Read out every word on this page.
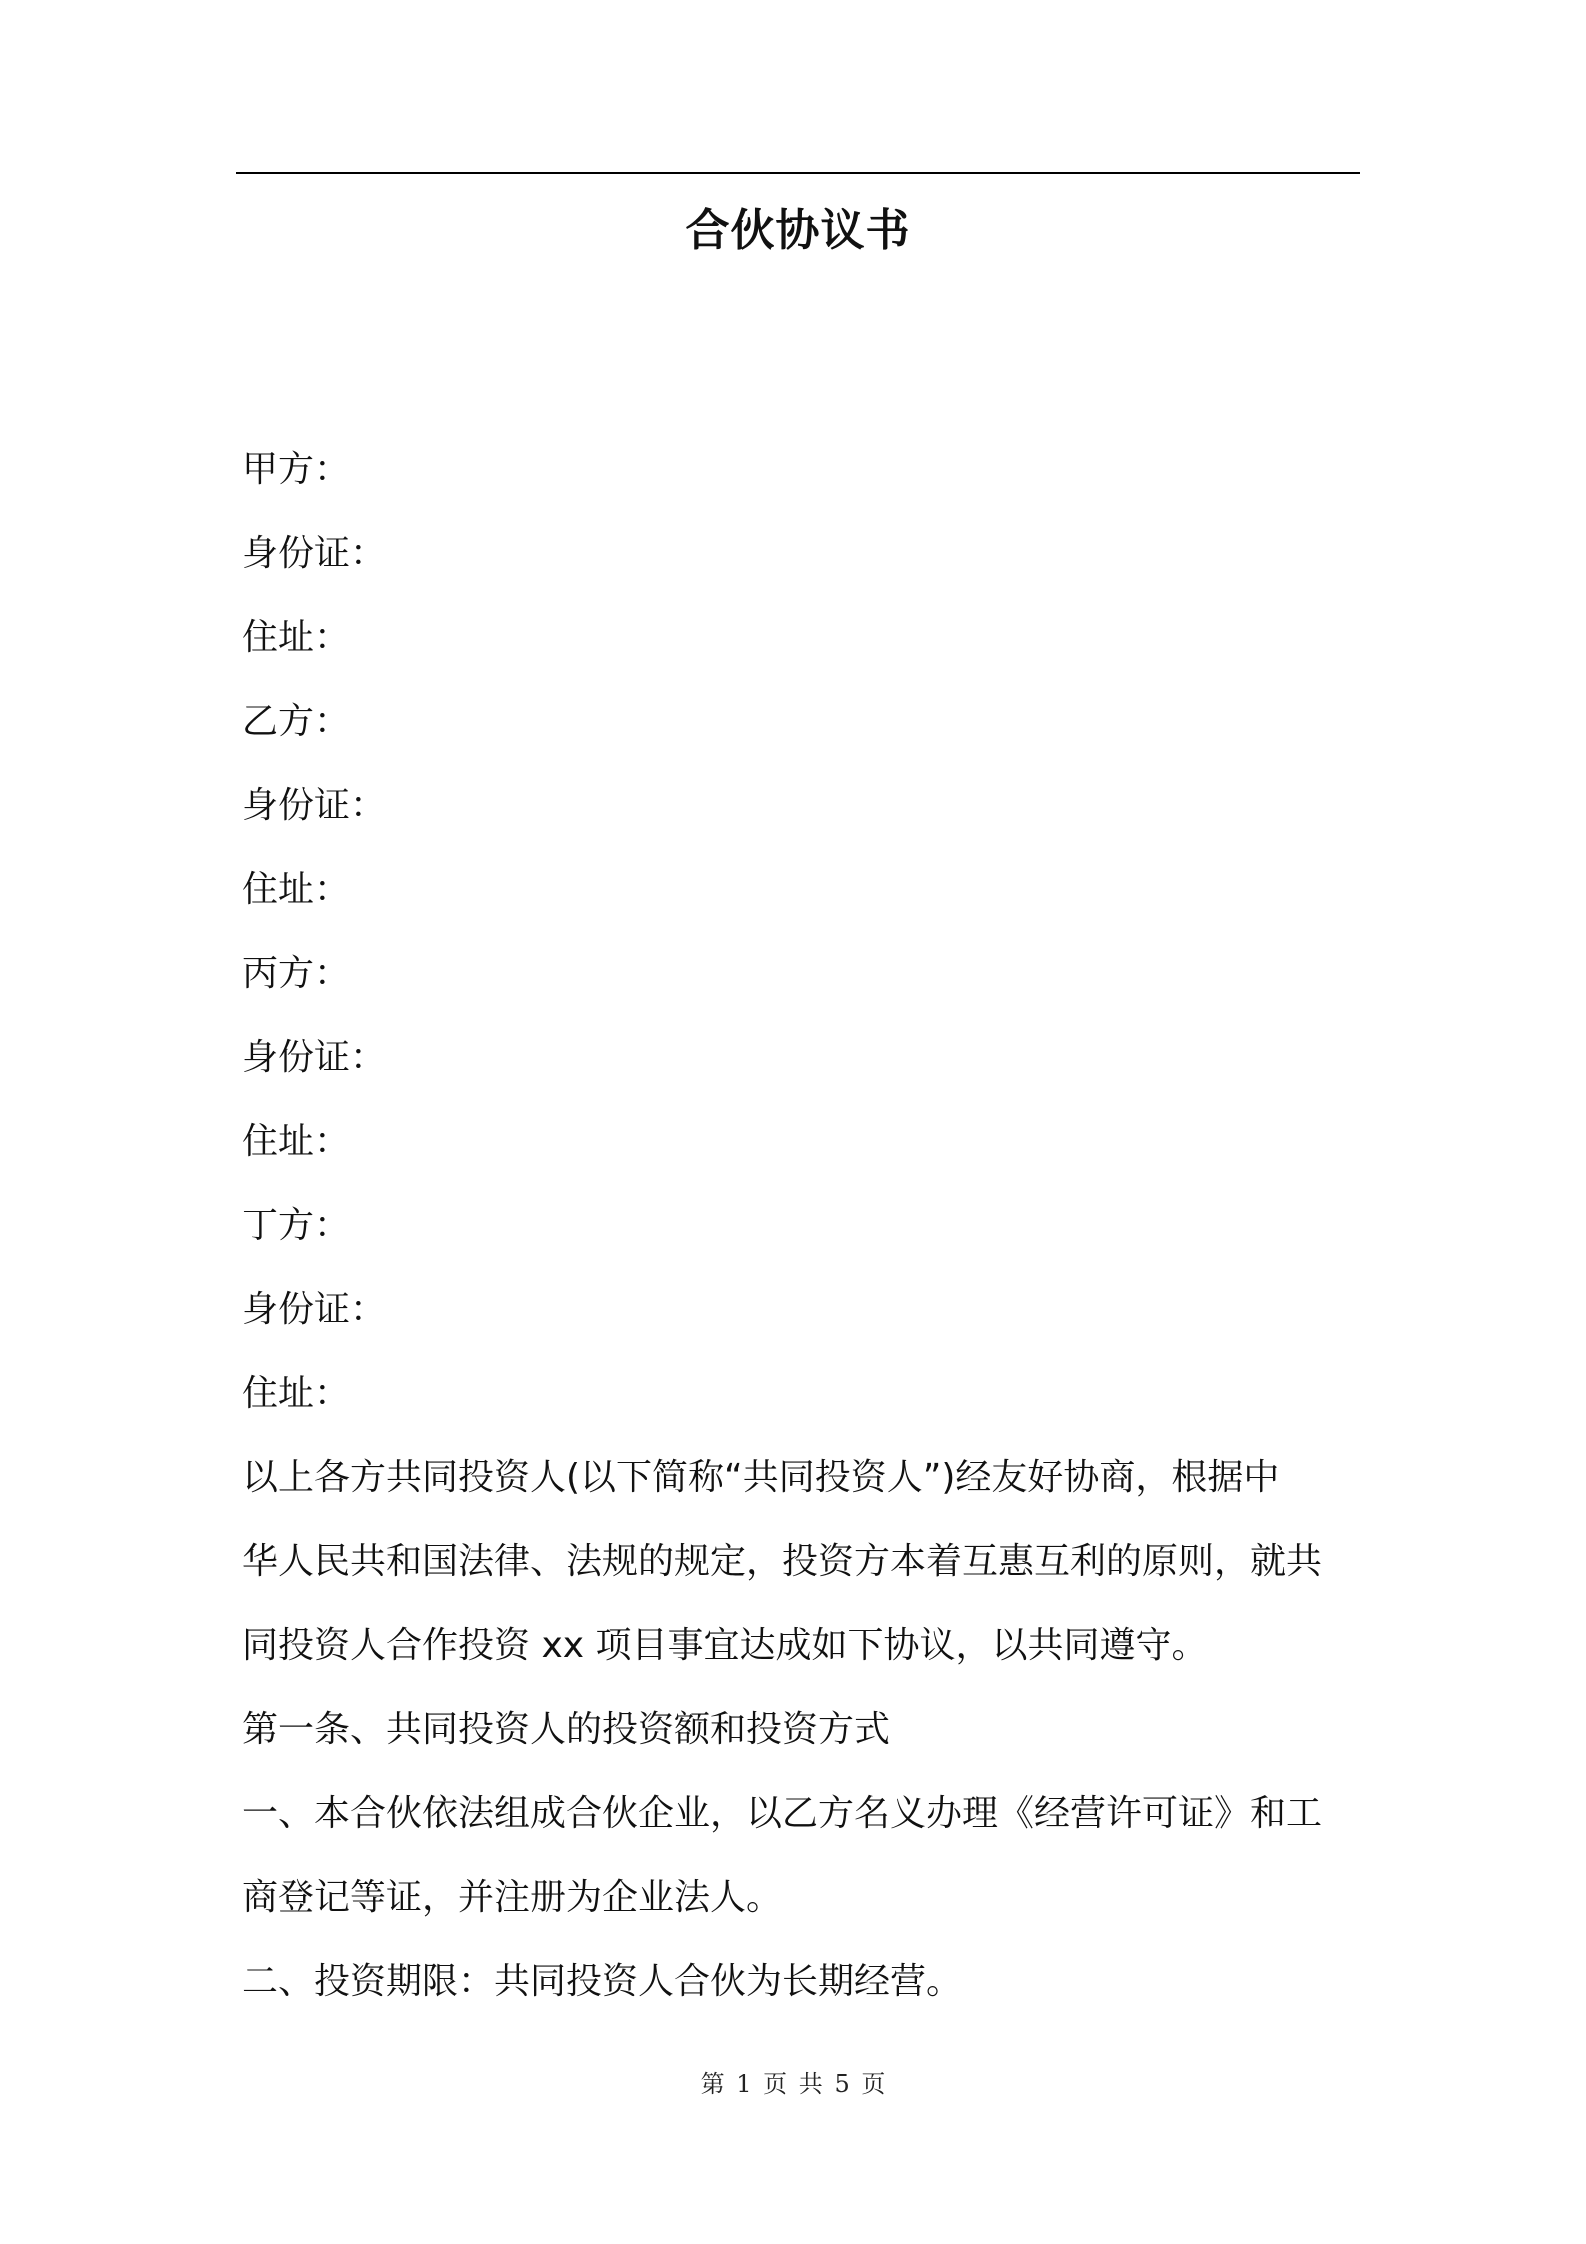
合伙协议书
甲方：
身份证：
住址：
乙方：
身份证：
住址：
丙方：
身份证：
住址：
丁方：
身份证：
住址：
以上各方共同投资人(以下简称“共同投资人”)经友好协商，根据中
华人民共和国法律、法规的规定，投资方本着互惠互利的原则，就共
同投资人合作投资 xx 项目事宜达成如下协议，以共同遵守。
第一条、共同投资人的投资额和投资方式
一、本合伙依法组成合伙企业，以乙方名义办理《经营许可证》和工
商登记等证，并注册为企业法人。
二、投资期限：共同投资人合伙为长期经营。
第 1 页 共 5 页
